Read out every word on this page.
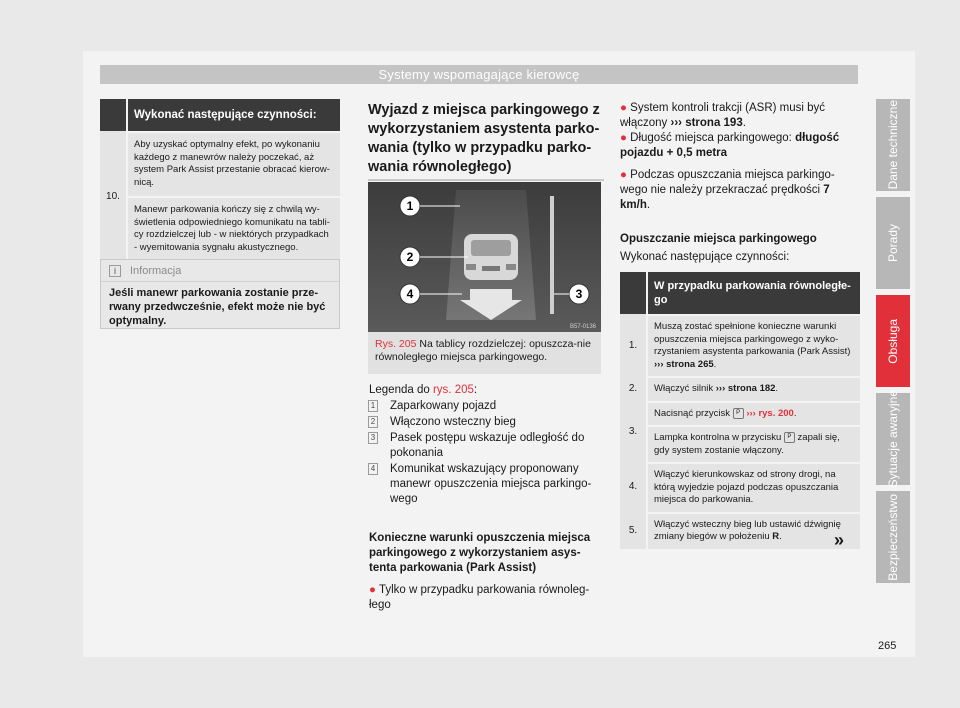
Systemy wspomagające kierowcę
Dane techniczne
Porady
Obsługa
Sytuacje awaryjne
Bezpieczeństwo
Wykonać następujące czynności:
10.
Aby uzyskać optymalny efekt, po wykonaniu każdego z manewrów należy poczekać, aż system Park Assist przestanie obracać kierow-nicą.
Manewr parkowania kończy się z chwilą wy-świetlenia odpowiedniego komunikatu na tabli-cy rozdzielczej lub - w niektórych przypadkach - wyemitowania sygnału akustycznego.
i	Informacja
Jeśli manewr parkowania zostanie prze-rwany przedwcześnie, efekt może nie być optymalny.
Wyjazd z miejsca parkingowego z wykorzystaniem asystenta parko-wania (tylko w przypadku parko-wania równoległego)
1
2
3
4
B57-0136
Rys. 205 Na tablicy rozdzielczej: opuszcza-nie równoległego miejsca parkingowego.
Legenda do rys. 205:
1 Zaparkowany pojazd
2 Włączono wsteczny bieg
3 Pasek postępu wskazuje odległość do pokonania
4 Komunikat wskazujący proponowany manewr opuszczenia miejsca parkingo-wego
Konieczne warunki opuszczenia miejsca parkingowego z wykorzystaniem asys-tenta parkowania (Park Assist)
● Tylko w przypadku parkowania równoleg-łego
● System kontroli trakcji (ASR) musi być włączony ››› strona 193.
● Długość miejsca parkingowego: długość pojazdu + 0,5 metra
● Podczas opuszczania miejsca parkingo-wego nie należy przekraczać prędkości 7 km/h.
Opuszczanie miejsca parkingowego
Wykonać następujące czynności:
W przypadku parkowania równoległe-go
1.
Muszą zostać spełnione konieczne warunki opuszczenia miejsca parkingowego z wyko-rzystaniem asystenta parkowania (Park Assist) ››› strona 265.
2.	Włączyć silnik ››› strona 182.
3.
Nacisnąć przycisk P ››› rys. 200.
Lampka kontrolna w przycisku P zapali się, gdy system zostanie włączony.
4.
Włączyć kierunkowskaz od strony drogi, na którą wyjedzie pojazd podczas opuszczania miejsca do parkowania.
5.
Włączyć wsteczny bieg lub ustawić dźwignię zmiany biegów w położeniu R.	»
265
